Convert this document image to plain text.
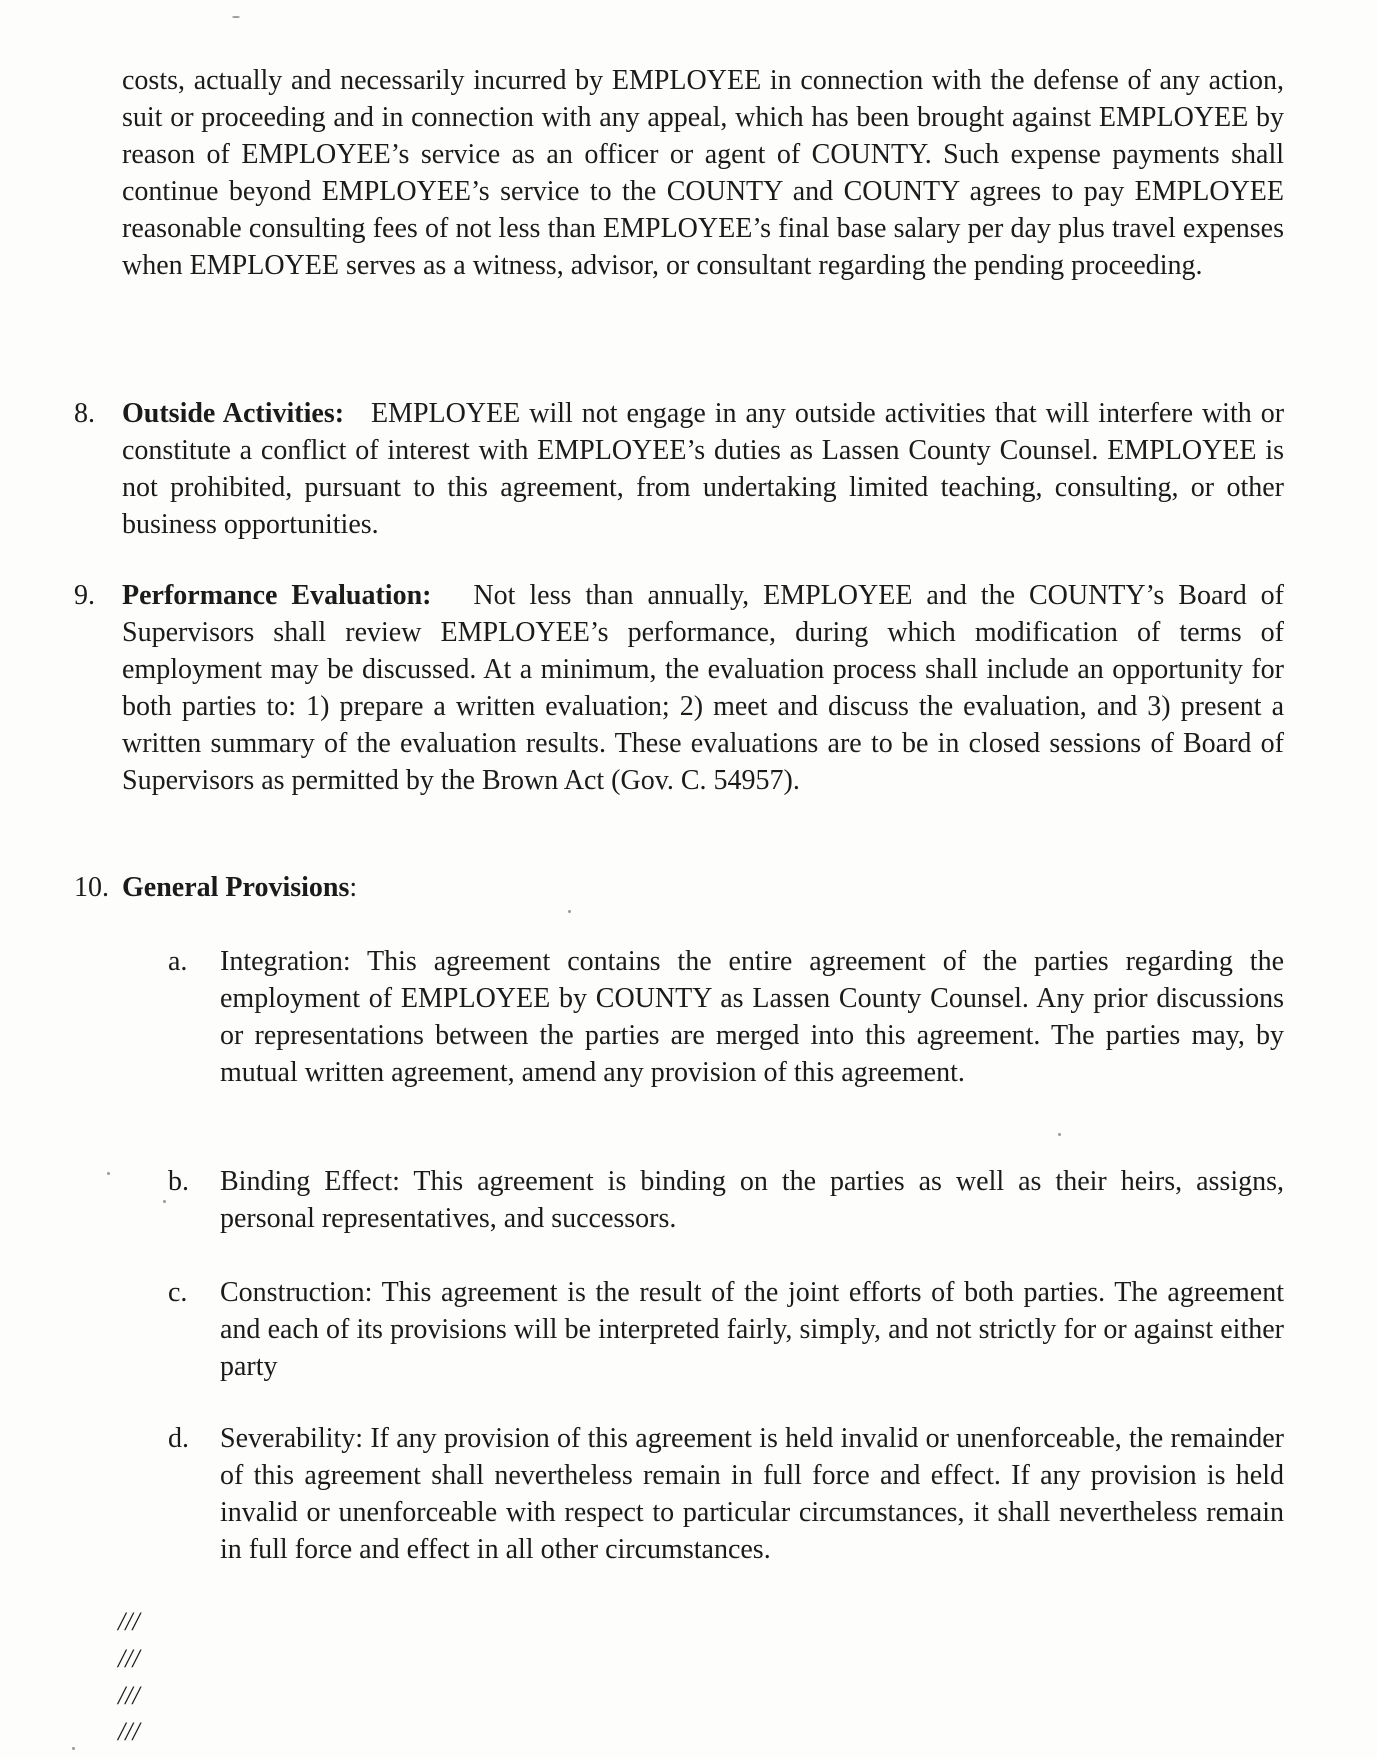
costs, actually and necessarily incurred by EMPLOYEE in connection with the defense of any action, suit or proceeding and in connection with any appeal, which has been brought against EMPLOYEE by reason of EMPLOYEE’s service as an officer or agent of COUNTY. Such expense payments shall continue beyond EMPLOYEE’s service to the COUNTY and COUNTY agrees to pay EMPLOYEE reasonable consulting fees of not less than EMPLOYEE’s final base salary per day plus travel expenses when EMPLOYEE serves as a witness, advisor, or consultant regarding the pending proceeding.
8. Outside Activities: EMPLOYEE will not engage in any outside activities that will interfere with or constitute a conflict of interest with EMPLOYEE’s duties as Lassen County Counsel. EMPLOYEE is not prohibited, pursuant to this agreement, from undertaking limited teaching, consulting, or other business opportunities.
9. Performance Evaluation: Not less than annually, EMPLOYEE and the COUNTY’s Board of Supervisors shall review EMPLOYEE’s performance, during which modification of terms of employment may be discussed. At a minimum, the evaluation process shall include an opportunity for both parties to: 1) prepare a written evaluation; 2) meet and discuss the evaluation, and 3) present a written summary of the evaluation results. These evaluations are to be in closed sessions of Board of Supervisors as permitted by the Brown Act (Gov. C. 54957).
10. General Provisions:
a. Integration: This agreement contains the entire agreement of the parties regarding the employment of EMPLOYEE by COUNTY as Lassen County Counsel. Any prior discussions or representations between the parties are merged into this agreement. The parties may, by mutual written agreement, amend any provision of this agreement.
b. Binding Effect: This agreement is binding on the parties as well as their heirs, assigns, personal representatives, and successors.
c. Construction: This agreement is the result of the joint efforts of both parties. The agreement and each of its provisions will be interpreted fairly, simply, and not strictly for or against either party
d. Severability: If any provision of this agreement is held invalid or unenforceable, the remainder of this agreement shall nevertheless remain in full force and effect. If any provision is held invalid or unenforceable with respect to particular circumstances, it shall nevertheless remain in full force and effect in all other circumstances.
///
///
///
///
